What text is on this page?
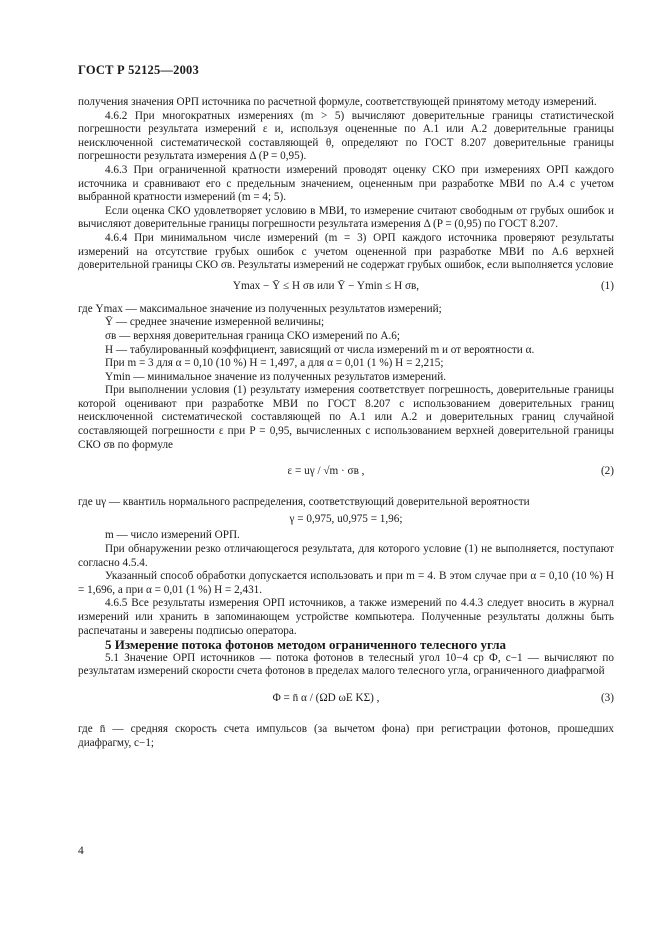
ГОСТ Р 52125—2003

получения значения ОРП источника по расчетной формуле, соответствующей принятому методу измерений.

4.6.2 При многократных измерениях (m > 5) вычисляют доверительные границы статистической погрешности результата измерений ε и, используя оцененные по А.1 или А.2 доверительные границы неисключенной систематической составляющей θ, определяют по ГОСТ 8.207 доверительные границы погрешности результата измерения Δ (P = 0,95).

4.6.3 При ограниченной кратности измерений проводят оценку СКО при измерениях ОРП каждого источника и сравнивают его с предельным значением, оцененным при разработке МВИ по А.4 с учетом выбранной кратности измерений (m = 4; 5).

Если оценка СКО удовлетворяет условию в МВИ, то измерение считают свободным от грубых ошибок и вычисляют доверительные границы погрешности результата измерения Δ (P = (0,95) по ГОСТ 8.207.

4.6.4 При минимальном числе измерений (m = 3) ОРП каждого источника проверяют результаты измерений на отсутствие грубых ошибок с учетом оцененной при разработке МВИ по А.6 верхней доверительной границы СКО σв. Результаты измерений не содержат грубых ошибок, если выполняется условие

Ymax − Ȳ ≤ H σв или Ȳ − Ymin ≤ H σв,	(1)

где Ymax — максимальное значение из полученных результатов измерений;

Ȳ — среднее значение измеренной величины;

σв — верхняя доверительная граница СКО измерений по А.6;

H — табулированный коэффициент, зависящий от числа измерений m и от вероятности α.

При m = 3 для α = 0,10 (10 %) H = 1,497, а для α = 0,01 (1 %) H = 2,215;

Ymin — минимальное значение из полученных результатов измерений.

При выполнении условия (1) результату измерения соответствует погрешность, доверительные границы которой оценивают при разработке МВИ по ГОСТ 8.207 с использованием доверительных границ неисключенной систематической составляющей по А.1 или А.2 и доверительных границ случайной составляющей погрешности ε при P = 0,95, вычисленных с использованием верхней доверительной границы СКО σв по формуле

ε = uγ / √m · σв ,	(2)

где uγ — квантиль нормального распределения, соответствующий доверительной вероятности

γ = 0,975, u0,975 = 1,96;

m — число измерений ОРП.

При обнаружении резко отличающегося результата, для которого условие (1) не выполняется, поступают согласно 4.5.4.

Указанный способ обработки допускается использовать и при m = 4. В этом случае при α = 0,10 (10 %) H = 1,696, а при α = 0,01 (1 %) H = 2,431.

4.6.5 Все результаты измерения ОРП источников, а также измерений по 4.4.3 следует вносить в журнал измерений или хранить в запоминающем устройстве компьютера. Полученные результаты должны быть распечатаны и заверены подписью оператора.

5 Измерение потока фотонов методом ограниченного телесного угла

5.1 Значение ОРП источников — потока фотонов в телесный угол 10−4 ср Ф, с−1 — вычисляют по результатам измерений скорости счета фотонов в пределах малого телесного угла, ограниченного диафрагмой

Φ = n̄ α / (ΩD ωE KΣ) ,	(3)

где n̄ — средняя скорость счета импульсов (за вычетом фона) при регистрации фотонов, прошедших диафрагму, с−1;

4
